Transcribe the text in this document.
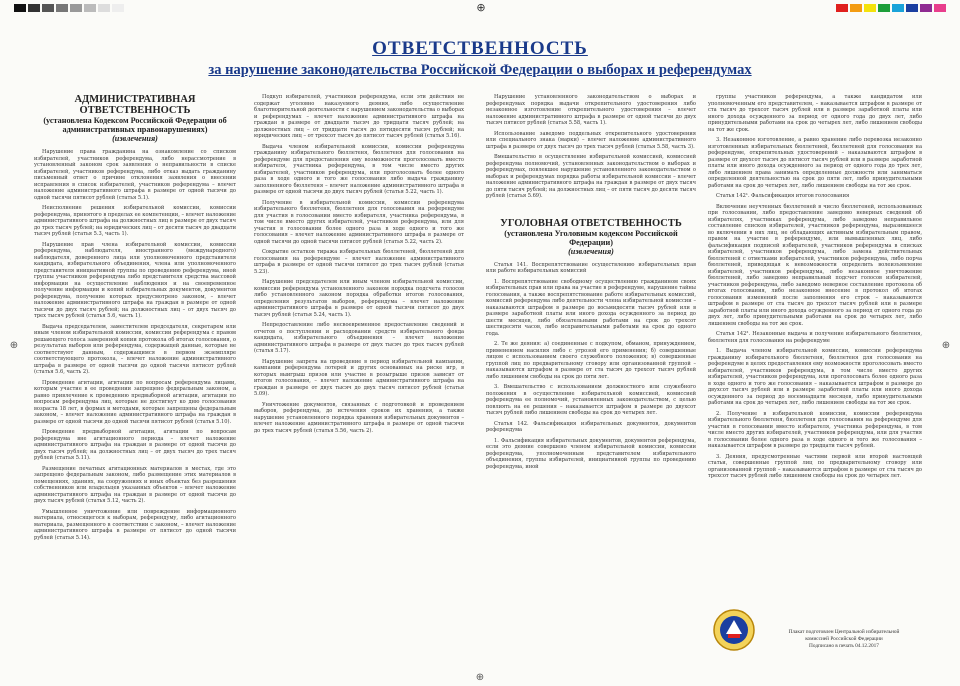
⊕
⊕	⊕
⊕
ОТВЕТСТВЕННОСТЬ
за нарушение законодательства Российской Федерации о выборах и референдумах
АДМИНИСТРАТИВНАЯ ОТВЕТСТВЕННОСТЬ
(установлена Кодексом Российской Федерации об административных правонарушениях)
(извлечения)

Нарушение права гражданина на ознакомление со списком избирателей, участников референдума, либо нерассмотрение в установленный законом срок заявления о неправильности в списке избирателей, участников референдума, либо отказ выдать гражданину письменный ответ о причине отклонения заявления о внесении исправления в список избирателей, участников референдума – влечет наложение административного штрафа в размере от одной тысячи до одной тысячи пятисот рублей (статья 5.1).

Неисполнение решения избирательной комиссии, комиссии референдума, принятого в пределах ее компетенции, – влечет наложение административного штрафа на должностных лиц в размере от двух тысяч до трех тысяч рублей; на юридических лиц – от десяти тысяч до двадцати тысяч рублей (статья 5.3, часть 1).

Нарушение прав члена избирательной комиссии, комиссии референдума, наблюдателя, иностранного (международного) наблюдателя, доверенного лица или уполномоченного представителя кандидата, избирательного объединения, члена или уполномоченного представителя инициативной группы по проведению референдума, иной группы участников референдума либо представителя средства массовой информации на осуществление наблюдения и на своевременное получение информации и копий избирательных документов, документов референдума, получение которых предусмотрено законом, – влечет наложение административного штрафа на граждан в размере от одной тысячи до двух тысяч рублей; на должностных лиц – от двух тысяч до трех тысяч рублей (статья 5.6, часть 1).

Выдача председателем, заместителем председателя, секретарем или иным членом избирательной комиссии, комиссии референдума с правом решающего голоса заверенной копии протокола об итогах голосования, о результатах выборов или референдума, содержащей данные, которые не соответствуют данным, содержащимся в первом экземпляре соответствующего протокола, – влечет наложение административного штрафа в размере от одной тысячи до одной тысячи пятисот рублей (статья 5.6, часть 2).

Проведение агитации, агитации по вопросам референдума лицами, которым участие в ее проведении запрещено федеральным законом, а равно привлечение к проведению предвыборной агитации, агитации по вопросам референдума лиц, которые не достигнут ко дню голосования возраста 18 лет, в формах и методами, которые запрещены федеральным законом, – влечет наложение административного штрафа на граждан в размере от одной тысячи до одной тысячи пятисот рублей (статья 5.10).

Проведение предвыборной агитации, агитации по вопросам референдума вне агитационного периода – влечет наложение административного штрафа на граждан в размере от одной тысячи до двух тысяч рублей; на должностных лиц – от двух тысяч до трех тысяч рублей (статья 5.11).

Размещение печатных агитационных материалов в местах, где это запрещено федеральным законом, либо размещение этих материалов в помещениях, зданиях, на сооружениях и иных объектах без разрешения собственников или владельцев указанных объектов – влечет наложение административного штрафа на граждан в размере от одной тысячи до двух тысяч рублей (статья 5.12, часть 2).

Умышленное уничтожение или повреждение информационного материала, относящегося к выборам, референдуму, либо агитационного материала, размещенного в соответствии с законом, – влечет наложение административного штрафа в размере от пятисот до одной тысячи рублей (статья 5.14).

Подкуп избирателей, участников референдума, если эти действия не содержат уголовно наказуемого деяния, либо осуществление благотворительной деятельности с нарушением законодательства о выборах и референдумах – влечет наложение административного штрафа на граждан в размере от двадцати тысяч до тридцати тысяч рублей; на должностных лиц – от тридцати тысяч до пятидесяти тысяч рублей; на юридических лиц – от трехсот тысяч до пятисот тысяч рублей (статья 5.16).

Выдача членом избирательной комиссии, комиссии референдума гражданину избирательного бюллетеня, бюллетеня для голосования на референдуме для предоставления ему возможности проголосовать вместо избирателя, участника референдума, в том числе вместо других избирателей, участников референдума, или проголосовать более одного раза в ходе одного и того же голосования либо выдача гражданину заполненного бюллетеня – влечет наложение административного штрафа в размере от одной тысячи до двух тысяч рублей (статья 5.22, часть 1).

Получение в избирательной комиссии, комиссии референдума избирательного бюллетеня, бюллетеня для голосования на референдуме для участия в голосовании вместо избирателя, участника референдума, в том числе вместо других избирателей, участников референдума, или для участия в голосовании более одного раза в ходе одного и того же голосования – влечет наложение административного штрафа в размере от одной тысячи до одной тысячи пятисот рублей (статья 5.22, часть 2).

Сокрытие остатков тиража избирательных бюллетеней, бюллетеней для голосования на референдуме – влечет наложение административного штрафа в размере от одной тысячи пятисот до трех тысяч рублей (статья 5.23).

Нарушение председателем или иным членом избирательной комиссии, комиссии референдума установленного законом порядка подсчета голосов либо установленного законом порядка обработки итогов голосования, определения результатов выборов, референдума – влечет наложение административного штрафа в размере от одной тысячи пятисот до двух тысяч рублей (статья 5.24, часть 1).

Непредоставление либо несвоевременное предоставление сведений и отчетов о поступлении и расходовании средств избирательного фонда кандидата, избирательного объединения – влечет наложение административного штрафа в размере от двух тысяч до трех тысяч рублей (статья 5.17).

Нарушение запрета на проведение в период избирательной кампании, кампании референдума лотерей и других основанных на риске игр, в которых выигрыш призов или участие в розыгрыше призов зависит от итогов голосования, – влечет наложение административного штрафа на граждан в размере от двух тысяч до двух тысяч пятисот рублей (статья 5.09).

Уничтожение документов, связанных с подготовкой и проведением выборов, референдума, до истечения сроков их хранения, а также нарушение установленного порядка хранения избирательных документов – влечет наложение административного штрафа в размере от одной тысячи до трех тысяч рублей (статья 5.56, часть 2).

Нарушение установленного законодательством о выборах и референдумах порядка выдачи открепительного удостоверения либо незаконное изготовление открепительного удостоверения – влечет наложение административного штрафа в размере от одной тысячи до двух тысяч пятисот рублей (статья 5.58, часть 1).

Использование заведомо поддельных открепительного удостоверения или специального знака (марки) – влечет наложение административного штрафа в размере от двух тысяч до трех тысяч рублей (статья 5.58, часть 3).

Вмешательство в осуществление избирательной комиссией, комиссией референдума полномочий, установленных законодательством о выборах и референдумах, повлекшее нарушение установленного законодательством о выборах и референдумах порядка работы избирательной комиссии – влечет наложение административного штрафа на граждан в размере от двух тысяч до пяти тысяч рублей; на должностных лиц – от пяти тысяч до десяти тысяч рублей (статья 5.69).

УГОЛОВНАЯ ОТВЕТСТВЕННОСТЬ
(установлена Уголовным кодексом Российской Федерации)
(извлечения)

Статья 141. Воспрепятствование осуществлению избирательных прав или работе избирательных комиссий

1. Воспрепятствование свободному осуществлению гражданином своих избирательных прав или права на участие в референдуме, нарушение тайны голосования, а также воспрепятствование работе избирательных комиссий, комиссий референдума либо деятельности члена избирательной комиссии – наказываются штрафом в размере до восьмидесяти тысяч рублей или в размере заработной платы или иного дохода осужденного за период до шести месяцев, либо обязательными работами на срок до трехсот шестидесяти часов, либо исправительными работами на срок до одного года.

2. Те же деяния: а) соединенные с подкупом, обманом, принуждением, применением насилия либо с угрозой его применения; б) совершенные лицом с использованием своего служебного положения; в) совершенные группой лиц по предварительному сговору или организованной группой – наказываются штрафом в размере от ста тысяч до трехсот тысяч рублей либо лишением свободы на срок до пяти лет.

3. Вмешательство с использованием должностного или служебного положения в осуществление избирательной комиссией, комиссией референдума ее полномочий, установленных законодательством, с целью повлиять на ее решения – наказывается штрафом в размере до двухсот тысяч рублей либо лишением свободы на срок до четырех лет.

Статья 142. Фальсификация избирательных документов, документов референдума

1. Фальсификация избирательных документов, документов референдума, если это деяние совершено членом избирательной комиссии, комиссии референдума, уполномоченным представителем избирательного объединения, группы избирателей, инициативной группы по проведению референдума, иной

группы участников референдума, а также кандидатом или уполномоченным его представителем, – наказывается штрафом в размере от ста тысяч до трехсот тысяч рублей или в размере заработной платы или иного дохода осужденного за период от одного года до двух лет, либо принудительными работами на срок до четырех лет, либо лишением свободы на тот же срок.

3. Незаконное изготовление, а равно хранение либо перевозка незаконно изготовленных избирательных бюллетеней, бюллетеней для голосования на референдуме, открепительных удостоверений – наказываются штрафом в размере от двухсот тысяч до пятисот тысяч рублей или в размере заработной платы или иного дохода осужденного за период от одного года до трех лет, либо лишением права занимать определенные должности или заниматься определенной деятельностью на срок до пяти лет, либо принудительными работами на срок до четырех лет, либо лишением свободы на тот же срок.

Статья 142¹. Фальсификация итогов голосования

Включение неучтенных бюллетеней в число бюллетеней, использованных при голосовании, либо предоставление заведомо неверных сведений об избирателях, участниках референдума, либо заведомо неправильное составление списков избирателей, участников референдума, выразившееся во включении в них лиц, не обладающих активным избирательным правом, правом на участие в референдуме, или вымышленных лиц, либо фальсификация подписей избирателей, участников референдума в списках избирателей, участников референдума, либо замена действительных бюллетеней с отметками избирателей, участников референдума, либо порча бюллетеней, приводящая к невозможности определить волеизъявление избирателей, участников референдума, либо незаконное уничтожение бюллетеней, либо заведомо неправильный подсчет голосов избирателей, участников референдума, либо заведомо неверное составление протокола об итогах голосования, либо незаконное внесение в протокол об итогах голосования изменений после заполнения его строк – наказываются штрафом в размере от ста тысяч до трехсот тысяч рублей или в размере заработной платы или иного дохода осужденного за период от одного года до двух лет, либо принудительными работами на срок до четырех лет, либо лишением свободы на тот же срок.

Статья 142². Незаконные выдача и получение избирательного бюллетеня, бюллетеня для голосования на референдуме

1. Выдача членом избирательной комиссии, комиссии референдума гражданину избирательного бюллетеня, бюллетеня для голосования на референдуме в целях предоставления ему возможности проголосовать вместо избирателей, участников референдума, в том числе вместо других избирателей, участников референдума, или проголосовать более одного раза в ходе одного и того же голосования – наказывается штрафом в размере до двухсот тысяч рублей или в размере заработной платы или иного дохода осужденного за период до восемнадцати месяцев, либо принудительными работами на срок до четырех лет, либо лишением свободы на тот же срок.

2. Получение в избирательной комиссии, комиссии референдума избирательного бюллетеня, бюллетеня для голосования на референдуме для участия в голосовании вместо избирателя, участника референдума, в том числе вместо других избирателей, участников референдума, или для участия в голосовании более одного раза в ходе одного и того же голосования – наказывается штрафом в размере до тридцати тысяч рублей.

3. Деяния, предусмотренные частями первой или второй настоящей статьи, совершенные группой лиц по предварительному сговору или организованной группой – наказываются штрафом в размере от ста тысяч до трехсот тысяч рублей либо лишением свободы на срок до четырех лет.

Плакат подготовлен Центральной избирательной
комиссией Российской Федерации
Подписано в печать 04.12.2017
